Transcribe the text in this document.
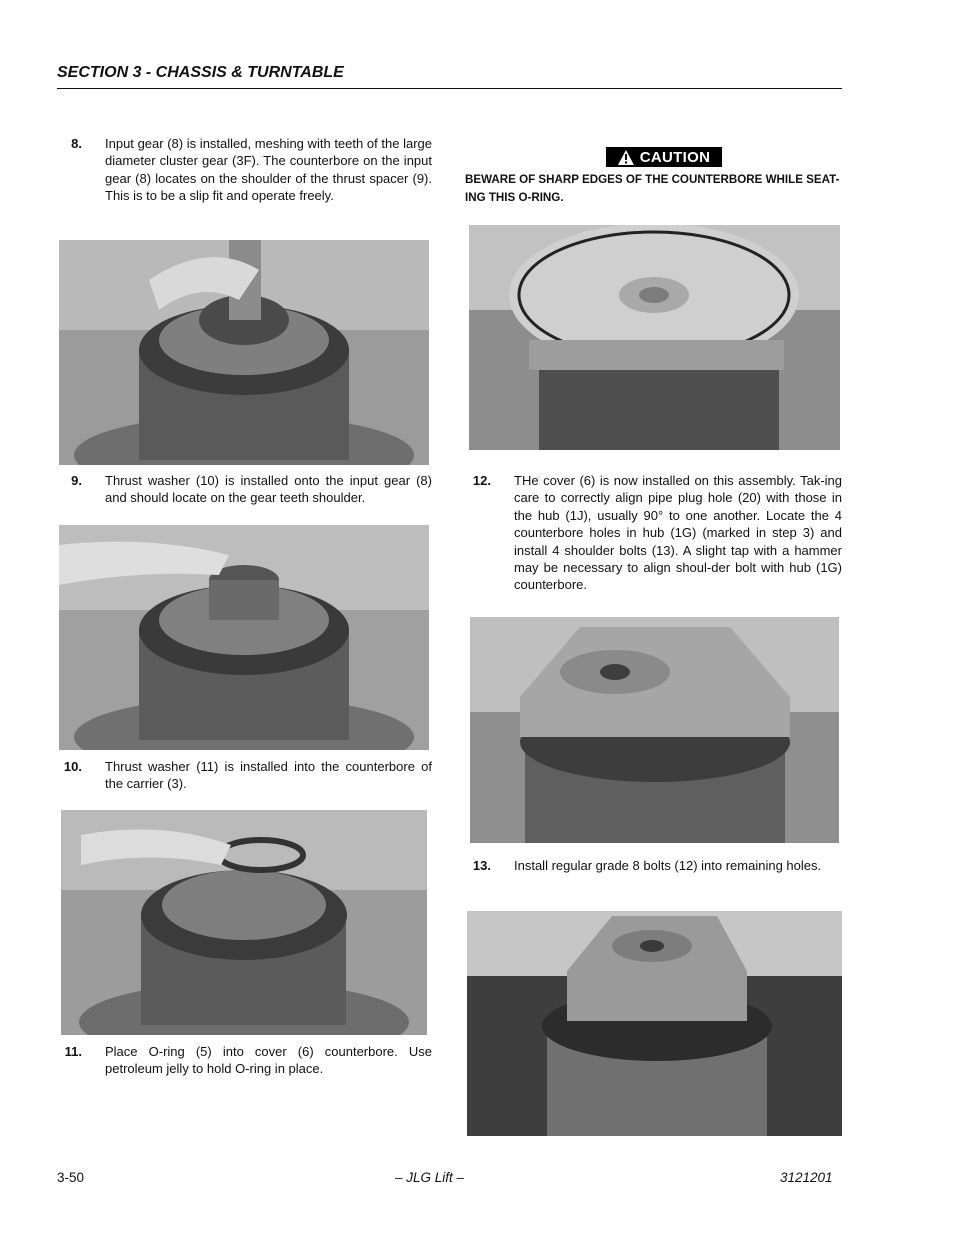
SECTION 3 - CHASSIS & TURNTABLE
8. Input gear (8) is installed, meshing with teeth of the large diameter cluster gear (3F). The counterbore on the input gear (8) locates on the shoulder of the thrust spacer (9). This is to be a slip fit and operate freely.
9. Thrust washer (10) is installed onto the input gear (8) and should locate on the gear teeth shoulder.
10. Thrust washer (11) is installed into the counterbore of the carrier (3).
11. Place O-ring (5) into cover (6) counterbore. Use petroleum jelly to hold O-ring in place.
CAUTION
BEWARE OF SHARP EDGES OF THE COUNTERBORE WHILE SEAT-ING THIS O-RING.
12. THe cover (6) is now installed on this assembly. Tak-ing care to correctly align pipe plug hole (20) with those in the hub (1J), usually 90° to one another. Locate the 4 counterbore holes in hub (1G) (marked in step 3) and install 4 shoulder bolts (13). A slight tap with a hammer may be necessary to align shoul-der bolt with hub (1G) counterbore.
13. Install regular grade 8 bolts (12) into remaining holes.
3-50	– JLG Lift –	3121201
